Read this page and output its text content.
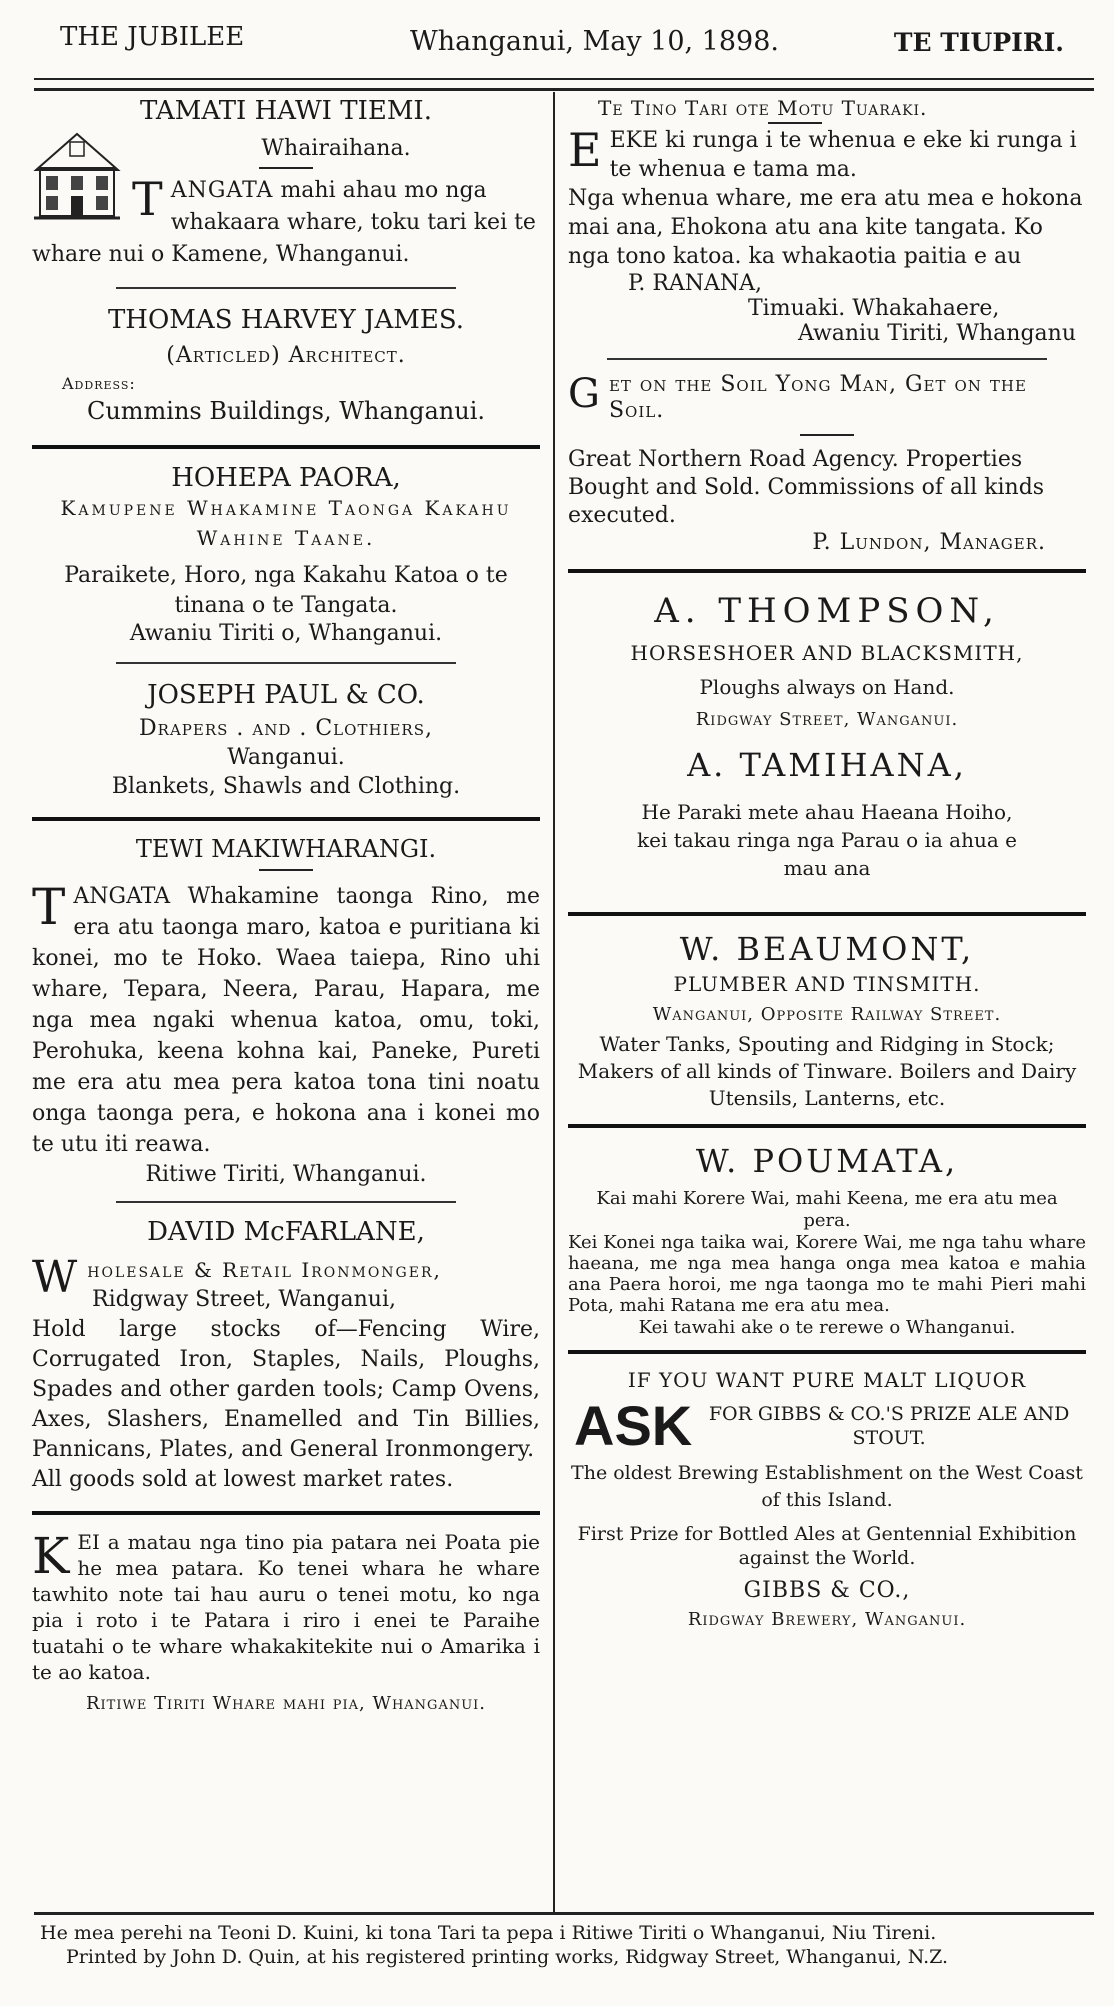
THE JUBILEE	Whanganui, May 10, 1898.	TE TIUPIRI.
TAMATI HAWI TIEMI.
Whairaihana.

TANGATA mahi ahau mo nga whakaara whare, toku tari kei te whare nui o Kamene, Whanganui.

THOMAS HARVEY JAMES.
(Articled) Architect.
Address:
Cummins Buildings, Whanganui.
HOHEPA PAORA,
Kamupene Whakamine Taonga Kakahu Wahine Taane.
Paraikete, Horo, nga Kakahu Katoa o te tinana o te Tangata.
Awaniu Tiriti o, Whanganui.
JOSEPH PAUL & CO.
Drapers . and . Clothiers,
Wanganui.
Blankets, Shawls and Clothing.
TEWI MAKIWHARANGI.

TANGATA Whakamine taonga Rino, me era atu taonga maro, katoa e puritiana ki konei, mo te Hoko. Waea taiepa, Rino uhi whare, Tepara, Neera, Parau, Hapara, me nga mea ngaki whenua katoa, omu, toki, Perohuka, keena kohna kai, Paneke, Pureti me era atu mea pera katoa tona tini noatu onga taonga pera, e hokona ana i konei mo te utu iti reawa.

Ritiwe Tiriti, Whanganui.
DAVID McFARLANE,

Wholesale & Retail Ironmonger,

Ridgway Street, Wanganui,
Hold large stocks of—Fencing Wire, Corrugated Iron, Staples, Nails, Ploughs, Spades and other garden tools; Camp Ovens, Axes, Slashers, Enamelled and Tin Billies, Pannicans, Plates, and General Ironmongery.
All goods sold at lowest market rates.

KEI a matau nga tino pia patara nei Poata pie he mea patara. Ko tenei whara he whare tawhito note tai hau auru o tenei motu, ko nga pia i roto i te Patara i riro i enei te Paraihe tuatahi o te whare whakakitekite nui o Amarika i te ao katoa.

Ritiwe Tiriti Whare mahi pia, Whanganui.
Te Tino Tari ote Motu Tuaraki.

EEKE ki runga i te whenua e eke ki runga i te whenua e tama ma.

Nga whenua whare, me era atu mea e hokona mai ana, Ehokona atu ana kite tangata. Ko nga tono katoa. ka whakaotia paitia e au
P. RANANA,
Timuaki. Whakahaere,
Awaniu Tiriti, Whanganu

Get on the Soil Yong Man, Get on the Soil.

Great Northern Road Agency. Properties Bought and Sold. Commissions of all kinds executed.
P. Lundon, Manager.
A. THOMPSON,
HORSESHOER AND BLACKSMITH,
Ploughs always on Hand.
Ridgway Street, Wanganui.
A. TAMIHANA,
He Paraki mete ahau Haeana Hoiho, kei takau ringa nga Parau o ia ahua e mau ana
W. BEAUMONT,
PLUMBER AND TINSMITH.
Wanganui, Opposite Railway Street.
Water Tanks, Spouting and Ridging in Stock; Makers of all kinds of Tinware. Boilers and Dairy Utensils, Lanterns, etc.
W. POUMATA,
Kai mahi Korere Wai, mahi Keena, me era atu mea pera.
Kei Konei nga taika wai, Korere Wai, me nga tahu whare haeana, me nga mea hanga onga mea katoa e mahia ana Paera horoi, me nga taonga mo te mahi Pieri mahi Pota, mahi Ratana me era atu mea.
Kei tawahi ake o te rerewe o Whanganui.
IF YOU WANT PURE MALT LIQUOR
ASK FOR GIBBS & CO.'S PRIZE ALE AND STOUT.
The oldest Brewing Establishment on the West Coast of this Island.
First Prize for Bottled Ales at Gentennial Exhibition against the World.
GIBBS & CO.,
Ridgway Brewery, Wanganui.
He mea perehi na Teoni D. Kuini, ki tona Tari ta pepa i Ritiwe Tiriti o Whanganui, Niu Tireni.
Printed by John D. Quin, at his registered printing works, Ridgway Street, Whanganui, N.Z.
